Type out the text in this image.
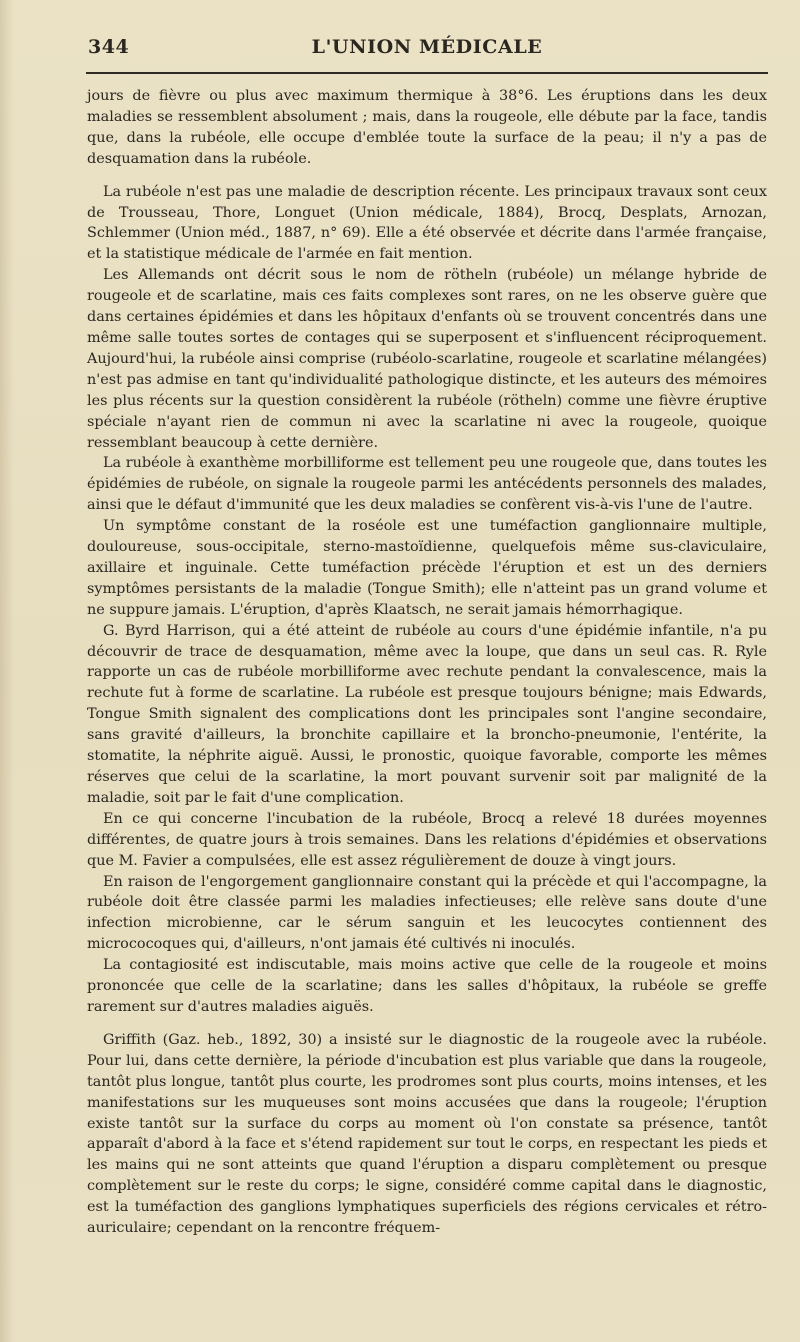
344	L'UNION MÉDICALE

jours de fièvre ou plus avec maximum thermique à 38°6. Les éruptions dans les deux maladies se ressemblent absolument ; mais, dans la rougeole, elle débute par la face, tandis que, dans la rubéole, elle occupe d'emblée toute la surface de la peau; il n'y a pas de desquamation dans la rubéole.

La rubéole n'est pas une maladie de description récente. Les principaux travaux sont ceux de Trousseau, Thore, Longuet (Union médicale, 1884), Brocq, Desplats, Arnozan, Schlemmer (Union méd., 1887, n° 69). Elle a été observée et décrite dans l'armée française, et la statistique médicale de l'armée en fait mention.

Les Allemands ont décrit sous le nom de rötheln (rubéole) un mélange hybride de rougeole et de scarlatine, mais ces faits complexes sont rares, on ne les observe guère que dans certaines épidémies et dans les hôpitaux d'enfants où se trouvent concentrés dans une même salle toutes sortes de contages qui se superposent et s'influencent réciproquement. Aujourd'hui, la rubéole ainsi comprise (rubéolo-scarlatine, rougeole et scarlatine mélangées) n'est pas admise en tant qu'individualité pathologique distincte, et les auteurs des mémoires les plus récents sur la question considèrent la rubéole (rötheln) comme une fièvre éruptive spéciale n'ayant rien de commun ni avec la scarlatine ni avec la rougeole, quoique ressemblant beaucoup à cette dernière.

La rubéole à exanthème morbilliforme est tellement peu une rougeole que, dans toutes les épidémies de rubéole, on signale la rougeole parmi les antécédents personnels des malades, ainsi que le défaut d'immunité que les deux maladies se confèrent vis-à-vis l'une de l'autre.

Un symptôme constant de la roséole est une tuméfaction ganglionnaire multiple, douloureuse, sous-occipitale, sterno-mastoïdienne, quelquefois même sus-claviculaire, axillaire et inguinale. Cette tuméfaction précède l'éruption et est un des derniers symptômes persistants de la maladie (Tongue Smith); elle n'atteint pas un grand volume et ne suppure jamais. L'éruption, d'après Klaatsch, ne serait jamais hémorrhagique.

G. Byrd Harrison, qui a été atteint de rubéole au cours d'une épidémie infantile, n'a pu découvrir de trace de desquamation, même avec la loupe, que dans un seul cas. R. Ryle rapporte un cas de rubéole morbilliforme avec rechute pendant la convalescence, mais la rechute fut à forme de scarlatine. La rubéole est presque toujours bénigne; mais Edwards, Tongue Smith signalent des complications dont les principales sont l'angine secondaire, sans gravité d'ailleurs, la bronchite capillaire et la broncho-pneumonie, l'entérite, la stomatite, la néphrite aiguë. Aussi, le pronostic, quoique favorable, comporte les mêmes réserves que celui de la scarlatine, la mort pouvant survenir soit par malignité de la maladie, soit par le fait d'une complication.

En ce qui concerne l'incubation de la rubéole, Brocq a relevé 18 durées moyennes différentes, de quatre jours à trois semaines. Dans les relations d'épidémies et observations que M. Favier a compulsées, elle est assez régulièrement de douze à vingt jours.

En raison de l'engorgement ganglionnaire constant qui la précède et qui l'accompagne, la rubéole doit être classée parmi les maladies infectieuses; elle relève sans doute d'une infection microbienne, car le sérum sanguin et les leucocytes contiennent des micrococoques qui, d'ailleurs, n'ont jamais été cultivés ni inoculés.

La contagiosité est indiscutable, mais moins active que celle de la rougeole et moins prononcée que celle de la scarlatine; dans les salles d'hôpitaux, la rubéole se greffe rarement sur d'autres maladies aiguës.

Griffith (Gaz. heb., 1892, 30) a insisté sur le diagnostic de la rougeole avec la rubéole. Pour lui, dans cette dernière, la période d'incubation est plus variable que dans la rougeole, tantôt plus longue, tantôt plus courte, les prodromes sont plus courts, moins intenses, et les manifestations sur les muqueuses sont moins accusées que dans la rougeole; l'éruption existe tantôt sur la surface du corps au moment où l'on constate sa présence, tantôt apparaît d'abord à la face et s'étend rapidement sur tout le corps, en respectant les pieds et les mains qui ne sont atteints que quand l'éruption a disparu complètement ou presque complètement sur le reste du corps; le signe, considéré comme capital dans le diagnostic, est la tuméfaction des ganglions lymphatiques superficiels des régions cervicales et rétro-auriculaire; cependant on la rencontre fréquem-
